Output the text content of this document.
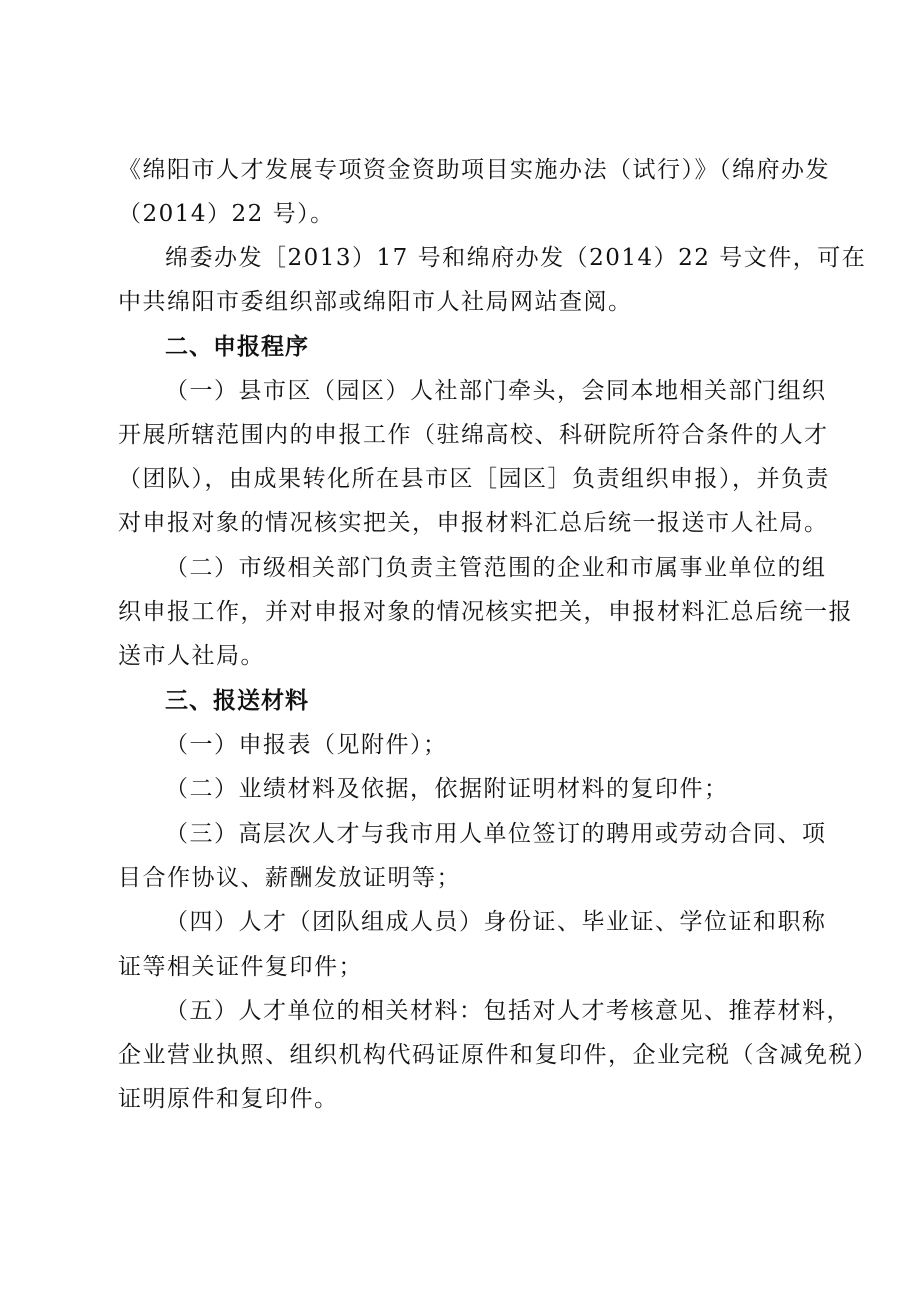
《绵阳市人才发展专项资金资助项目实施办法（试行）》（绵府办发
（2014）22 号）。
绵委办发［2013）17 号和绵府办发（2014）22 号文件，可在
中共绵阳市委组织部或绵阳市人社局网站查阅。
二、申报程序
（一）县市区（园区）人社部门牵头，会同本地相关部门组织
开展所辖范围内的申报工作（驻绵高校、科研院所符合条件的人才
（团队），由成果转化所在县市区［园区］负责组织申报），并负责
对申报对象的情况核实把关，申报材料汇总后统一报送市人社局。
（二）市级相关部门负责主管范围的企业和市属事业单位的组
织申报工作，并对申报对象的情况核实把关，申报材料汇总后统一报
送市人社局。
三、报送材料
（一）申报表（见附件）；
（二）业绩材料及依据，依据附证明材料的复印件；
（三）高层次人才与我市用人单位签订的聘用或劳动合同、项
目合作协议、薪酬发放证明等；
（四）人才（团队组成人员）身份证、毕业证、学位证和职称
证等相关证件复印件；
（五）人才单位的相关材料：包括对人才考核意见、推荐材料，
企业营业执照、组织机构代码证原件和复印件，企业完税（含减免税）
证明原件和复印件。
